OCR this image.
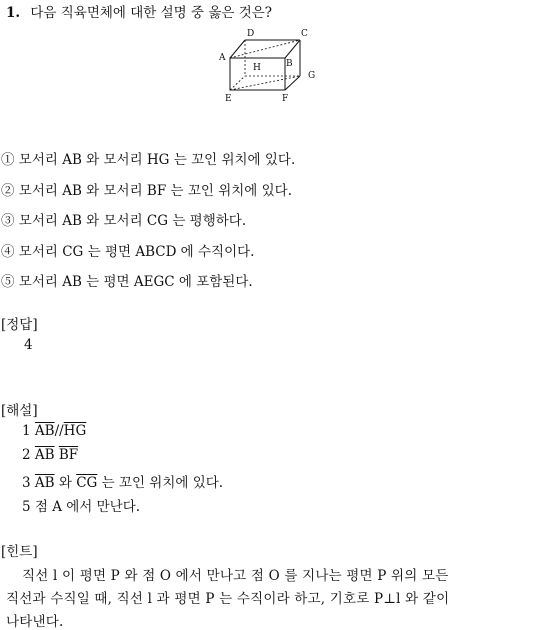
1. 다음 직육면체에 대한 설명 중 옳은 것은?
D	C
A
H	B
G
E	F
① 모서리 AB 와 모서리 HG 는 꼬인 위치에 있다.
② 모서리 AB 와 모서리 BF 는 꼬인 위치에 있다.
③ 모서리 AB 와 모서리 CG 는 평행하다.
④ 모서리 CG 는 평면 ABCD 에 수직이다.
⑤ 모서리 AB 는 평면 AEGC 에 포함된다.
[정답]
4
[해설]
1 $\overline{AB}//\overline{HG}$
2 $\overline{AB}$ $\overline{BF}$
3 $\overline{AB}$ 와 $\overline{CG}$ 는 꼬인 위치에 있다.
5 점 A 에서 만난다.
[힌트]
직선 l 이 평면 P 와 점 O 에서 만나고 점 O 를 지나는 평면 P 위의 모든
직선과 수직일 때, 직선 l 과 평면 P 는 수직이라 하고, 기호로 P⊥l 와 같이
나타낸다.
